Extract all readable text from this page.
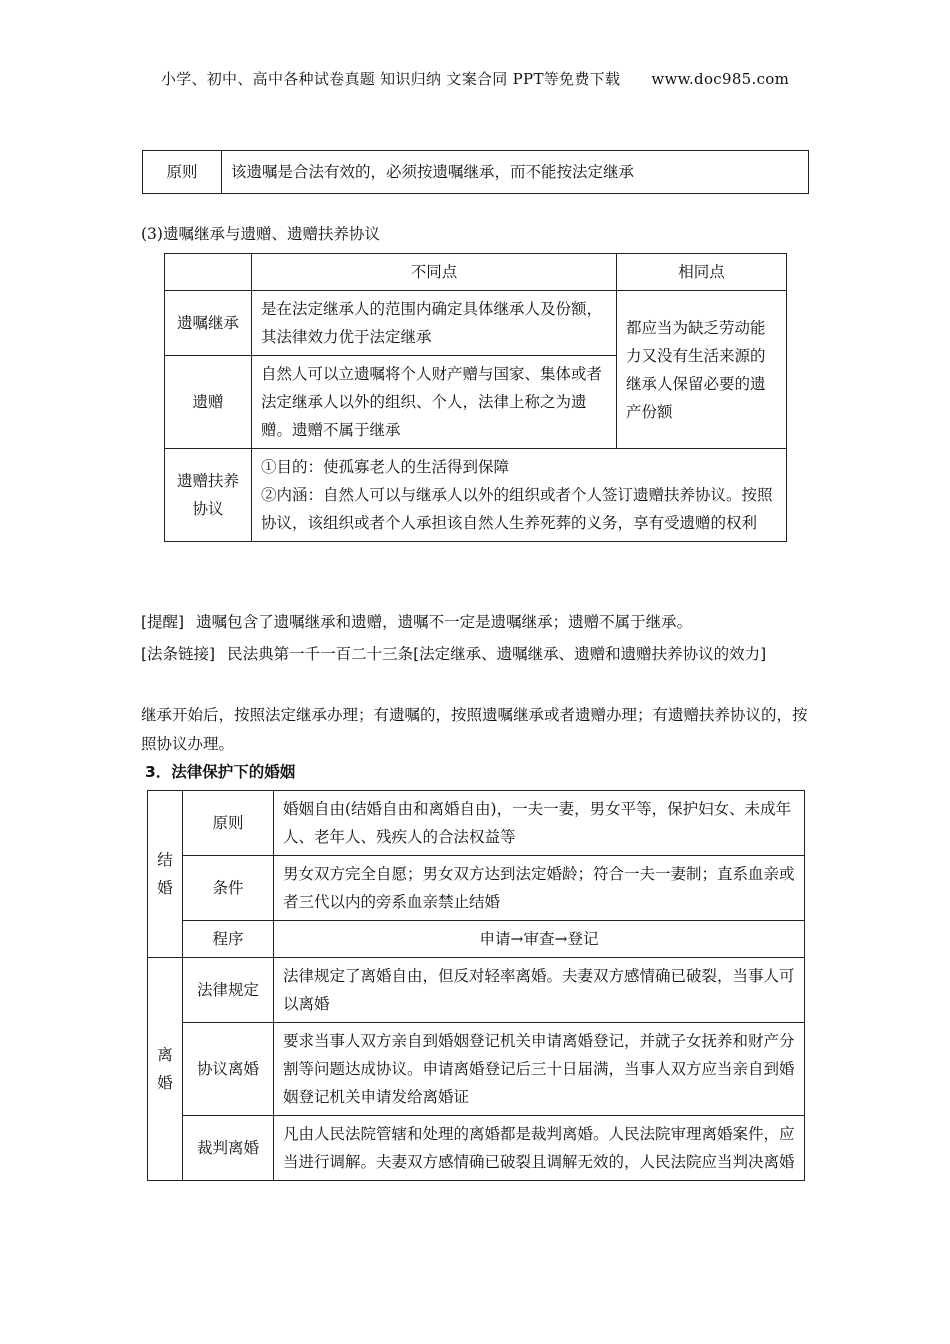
小学、初中、高中各种试卷真题 知识归纳 文案合同 PPT等免费下载 www.doc985.com
原则	该遗嘱是合法有效的，必须按遗嘱继承，而不能按法定继承
(3)遗嘱继承与遗赠、遗赠扶养协议
	不同点	相同点
遗嘱继承	是在法定继承人的范围内确定具体继承人及份额，其法律效力优于法定继承	都应当为缺乏劳动能力又没有生活来源的继承人保留必要的遗产份额
遗赠	自然人可以立遗嘱将个人财产赠与国家、集体或者法定继承人以外的组织、个人，法律上称之为遗赠。遗赠不属于继承	
遗赠扶养协议	①目的：使孤寡老人的生活得到保障
②内涵：自然人可以与继承人以外的组织或者个人签订遗赠扶养协议。按照协议，该组织或者个人承担该自然人生养死葬的义务，享有受遗赠的权利	
[提醒] 遗嘱包含了遗嘱继承和遗赠，遗嘱不一定是遗嘱继承；遗赠不属于继承。
[法条链接] 民法典第一千一百二十三条[法定继承、遗嘱继承、遗赠和遗赠扶养协议的效力]
继承开始后，按照法定继承办理；有遗嘱的，按照遗嘱继承或者遗赠办理；有遗赠扶养协议的，按照协议办理。
3．法律保护下的婚姻
结婚	原则	婚姻自由(结婚自由和离婚自由)，一夫一妻，男女平等，保护妇女、未成年人、老年人、残疾人的合法权益等
	条件	男女双方完全自愿；男女双方达到法定婚龄；符合一夫一妻制；直系血亲或者三代以内的旁系血亲禁止结婚
	程序	申请→审查→登记
离婚	法律规定	法律规定了离婚自由，但反对轻率离婚。夫妻双方感情确已破裂，当事人可以离婚
	协议离婚	要求当事人双方亲自到婚姻登记机关申请离婚登记，并就子女抚养和财产分割等问题达成协议。申请离婚登记后三十日届满，当事人双方应当亲自到婚姻登记机关申请发给离婚证
	裁判离婚	凡由人民法院管辖和处理的离婚都是裁判离婚。人民法院审理离婚案件，应当进行调解。夫妻双方感情确已破裂且调解无效的，人民法院应当判决离婚
